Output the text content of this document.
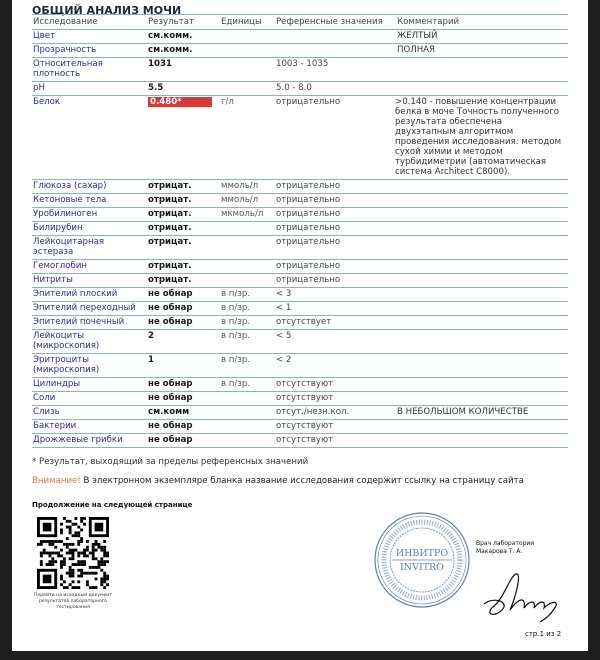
ОБЩИЙ АНАЛИЗ МОЧИ
Исследование	Результат	Единицы	Референсные значения	Комментарий
Цвет	см.комм.			ЖЕЛТЫЙ
Прозрачность	см.комм.			ПОЛНАЯ
Относительная плотность	1031		1003 - 1035	
pH	5.5		5.0 - 8.0	
Белок	0.480*	г/л	отрицательно	>0.140 - повышение концентрации белка в моче Точность полученного результата обеспечена двухэтапным алгоритмом проведения исследования: методом сухой химии и методом турбидиметрии (автоматическая система Architect C8000).
Глюкоза (сахар)	отрицат.	ммоль/л	отрицательно	
Кетоновые тела	отрицат.	ммоль/л	отрицательно	
Уробилиноген	отрицат.	мкмоль/л	отрицательно	
Билирубин	отрицат.		отрицательно	
Лейкоцитарная эстераза	отрицат.		отрицательно	
Гемоглобин	отрицат.		отрицательно	
Нитриты	отрицат.		отрицательно	
Эпителий плоский	не обнар	в п/зр.	< 3	
Эпителий переходный	не обнар	в п/зр.	< 1	
Эпителий почечный	не обнар	в п/зр.	отсутствует	
Лейкоциты (микроскопия)	2	в п/зр.	< 5	
Эритроциты (микроскопия)	1	в п/зр.	< 2	
Цилиндры	не обнар	в п/зр.	отсутствуют	
Соли	не обнар		отсутствуют	
Слизь	см.комм		отсут./незн.кол.	В НЕБОЛЬШОМ КОЛИЧЕСТВЕ
Бактерии	не обнар		отсутствуют	
Дрожжевые грибки	не обнар		отсутствуют	
* Результат, выходящий за пределы референсных значений
Внимание! В электронном экземпляре бланка название исследования содержит ссылку на страницу сайта
Продолжение на следующей странице
Перейти на исходный документ результатов лабораторного тестирования
ИНВИТРО
INVITRO
Врач лаборатории
Макарова Т. А.
стр.1 из 2
